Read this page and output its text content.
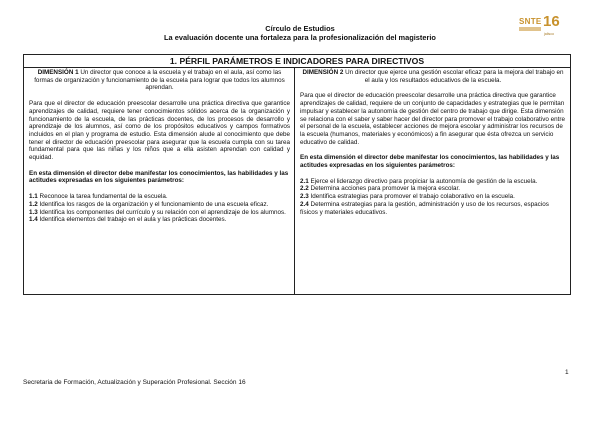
Círculo de Estudios
La evaluación docente una fortaleza para la profesionalización del magisterio
SNTE 16
jalisco
1. PÉRFIL PARÁMETROS E INDICADORES PARA DIRECTIVOS

DIMENSIÓN 1 Un director que conoce a la escuela y el trabajo en el aula, así como las formas de organización y funcionamiento de la escuela para lograr que todos los alumnos aprendan.

Para que el director de educación preescolar desarrolle una práctica directiva que garantice aprendizajes de calidad, requiere tener conocimientos sólidos acerca de la organización y funcionamiento de la escuela, de las prácticas docentes, de los procesos de desarrollo y aprendizaje de los alumnos, así como de los propósitos educativos y campos formativos incluidos en el plan y programa de estudio. Esta dimensión alude al conocimiento que debe tener el director de educación preescolar para asegurar que la escuela cumpla con su tarea fundamental para que las niñas y los niños que a ella asisten aprendan con calidad y equidad.

En esta dimensión el director debe manifestar los conocimientos, las habilidades y las actitudes expresadas en los siguientes parámetros:

1.1 Reconoce la tarea fundamental de la escuela.
1.2 Identifica los rasgos de la organización y el funcionamiento de una escuela eficaz.
1.3 Identifica los componentes del currículo y su relación con el aprendizaje de los alumnos. 1.4 Identifica elementos del trabajo en el aula y las prácticas docentes.

DIMENSIÓN 2 Un director que ejerce una gestión escolar eficaz para la mejora del trabajo en el aula y los resultados educativos de la escuela.

Para que el director de educación preescolar desarrolle una práctica directiva que garantice aprendizajes de calidad, requiere de un conjunto de capacidades y estrategias que le permitan impulsar y establecer la autonomía de gestión del centro de trabajo que dirige. Esta dimensión se relaciona con el saber y saber hacer del director para promover el trabajo colaborativo entre el personal de la escuela, establecer acciones de mejora escolar y administrar los recursos de la escuela (humanos, materiales y económicos) a fin asegurar que ésta ofrezca un servicio educativo de calidad.

En esta dimensión el director debe manifestar los conocimientos, las habilidades y las actitudes expresadas en los siguientes parámetros:

2.1 Ejerce el liderazgo directivo para propiciar la autonomía de gestión de la escuela.
2.2 Determina acciones para promover la mejora escolar.
2.3 Identifica estrategias para promover el trabajo colaborativo en la escuela.
2.4 Determina estrategias para la gestión, administración y uso de los recursos, espacios físicos y materiales educativos.

1
Secretaria de Formación, Actualización y Superación Profesional. Sección 16
